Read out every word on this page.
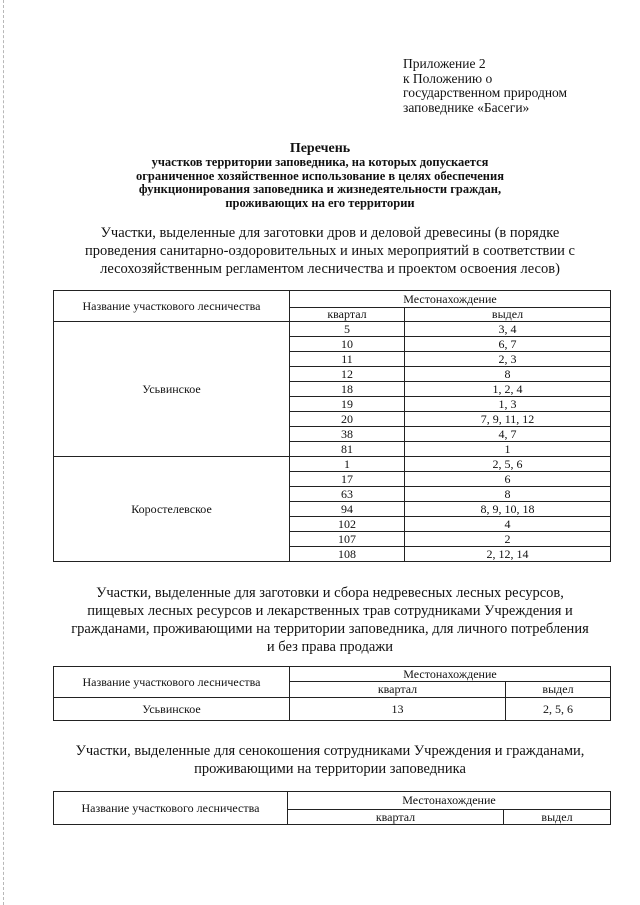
Приложение 2
к Положению о
государственном природном
заповеднике «Басеги»
Перечень
участков территории заповедника, на которых допускается
ограниченное хозяйственное использование в целях обеспечения
функционирования заповедника и жизнедеятельности граждан,
проживающих на его территории
Участки, выделенные для заготовки дров и деловой древесины (в порядке
проведения санитарно-оздоровительных и иных мероприятий в соответствии с
лесохозяйственным регламентом лесничества и проектом освоения лесов)
Название участкового лесничества	Местонахождение	
	квартал	выдел
Усьвинское	5	3, 4
	10	6, 7
	11	2, 3
	12	8
	18	1, 2, 4
	19	1, 3
	20	7, 9, 11, 12
	38	4, 7
	81	1
Коростелевское	1	2, 5, 6
	17	6
	63	8
	94	8, 9, 10, 18
	102	4
	107	2
	108	2, 12, 14
Участки, выделенные для заготовки и сбора недревесных лесных ресурсов,
пищевых лесных ресурсов и лекарственных трав сотрудниками Учреждения и
гражданами, проживающими на территории заповедника, для личного потребления
и без права продажи
Название участкового лесничества	Местонахождение	
	квартал	выдел
Усьвинское	13	2, 5, 6
Участки, выделенные для сенокошения сотрудниками Учреждения и гражданами,
проживающими на территории заповедника
Название участкового лесничества	Местонахождение	
	квартал	выдел
